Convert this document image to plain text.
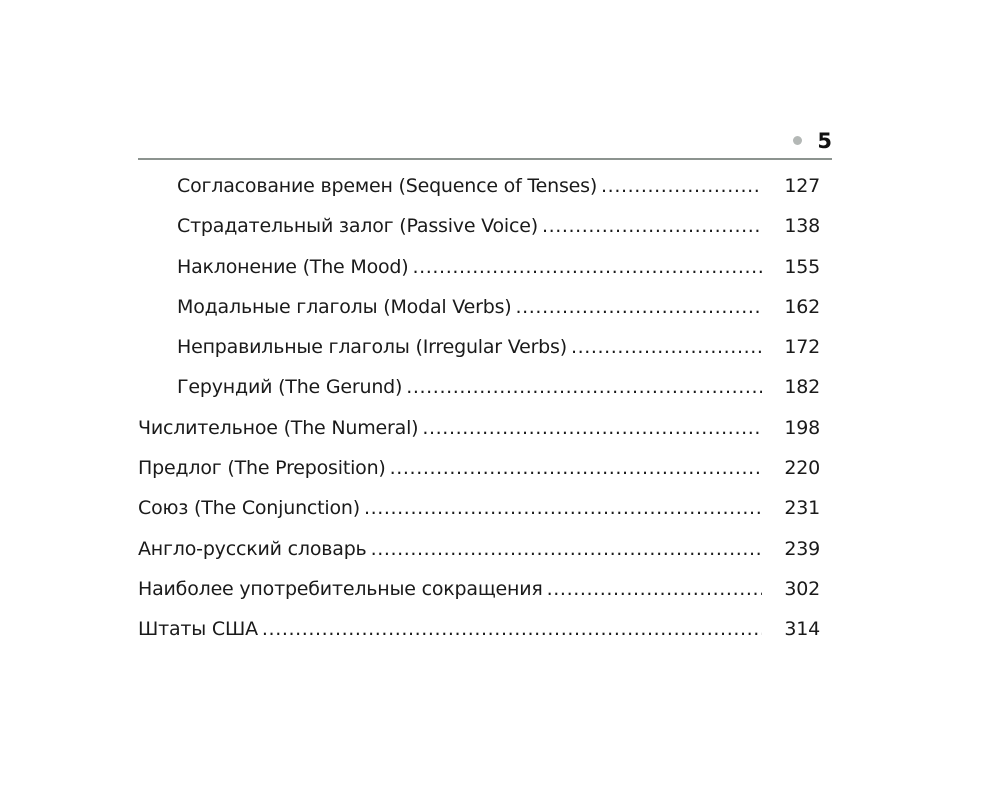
5
Согласование времен (Sequence of Tenses) .....	127
Страдательный залог (Passive Voice) .....	138
Наклонение (The Mood) .....	155
Модальные глаголы (Modal Verbs) .....	162
Неправильные глаголы (Irregular Verbs) .....	172
Герундий (The Gerund) .....	182
Числительное (The Numeral) .....	198
Предлог (The Preposition) .....	220
Союз (The Conjunction) .....	231
Англо-русский словарь .....	239
Наиболее употребительные сокращения .....	302
Штаты США .....	314
